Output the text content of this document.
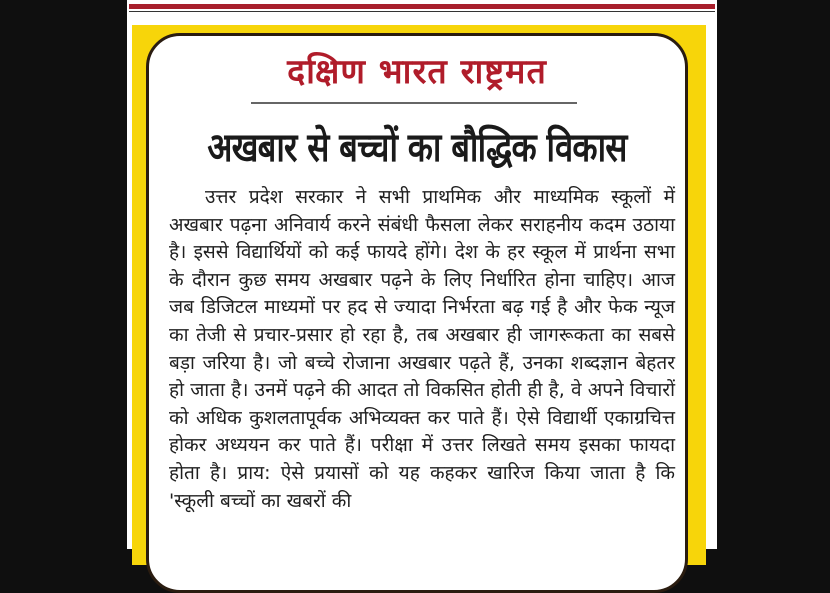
दक्षिण भारत राष्ट्रमत
अखबार से बच्चों का बौद्धिक विकास

उत्तर प्रदेश सरकार ने सभी प्राथमिक और माध्यमिक स्कूलों में अखबार पढ़ना अनिवार्य करने संबंधी फैसला लेकर सराहनीय कदम उठाया है। इससे विद्यार्थियों को कई फायदे होंगे। देश के हर स्कूल में प्रार्थना सभा के दौरान कुछ समय अखबार पढ़ने के लिए निर्धारित होना चाहिए। आज जब डिजिटल माध्यमों पर हद से ज्यादा निर्भरता बढ़ गई है और फेक न्यूज का तेजी से प्रचार-प्रसार हो रहा है, तब अखबार ही जागरूकता का सबसे बड़ा जरिया है। जो बच्चे रोजाना अखबार पढ़ते हैं, उनका शब्दज्ञान बेहतर हो जाता है। उनमें पढ़ने की आदत तो विकसित होती ही है, वे अपने विचारों को अधिक कुशलतापूर्वक अभिव्यक्त कर पाते हैं। ऐसे विद्यार्थी एकाग्रचित्त होकर अध्ययन कर पाते हैं। परीक्षा में उत्तर लिखते समय इसका फायदा होता है। प्राय: ऐसे प्रयासों को यह कहकर खारिज किया जाता है कि 'स्कूली बच्चों का खबरों की
